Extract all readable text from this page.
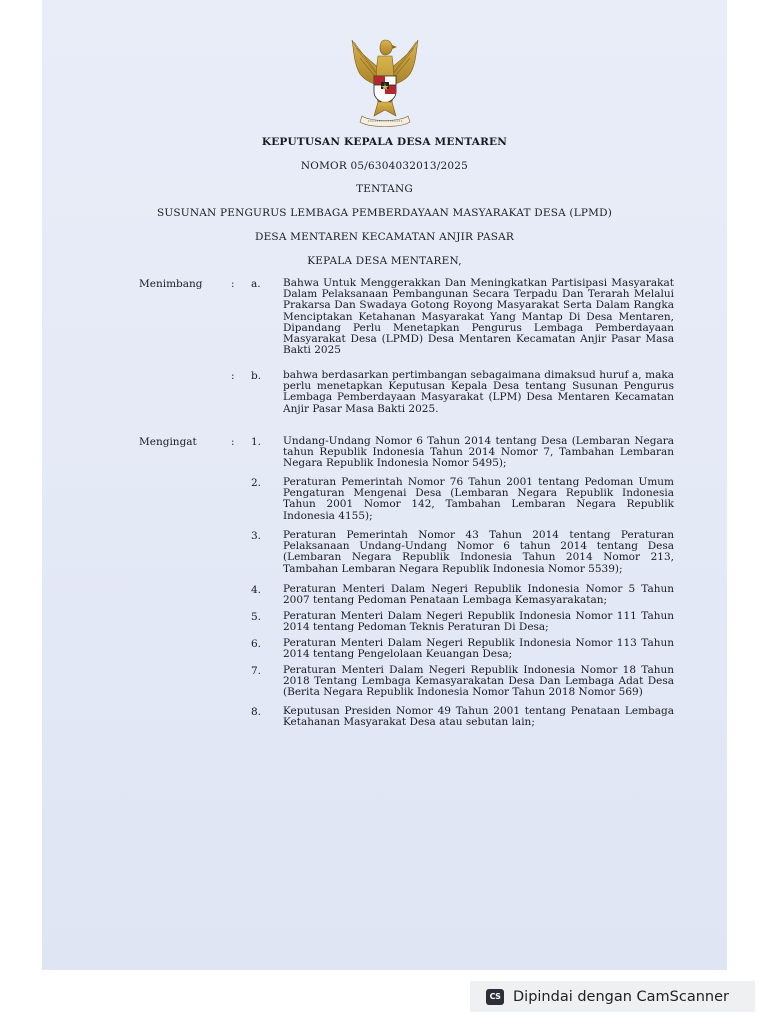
KEPUTUSAN KEPALA DESA MENTAREN
NOMOR 05/6304032013/2025
TENTANG
SUSUNAN PENGURUS LEMBAGA PEMBERDAYAAN MASYARAKAT DESA (LPMD)
DESA MENTAREN KECAMATAN ANJIR PASAR
KEPALA DESA MENTAREN,
Menimbang	: a. Bahwa Untuk Menggerakkan Dan Meningkatkan Partisipasi Masyarakat Dalam Pelaksanaan Pembangunan Secara Terpadu Dan Terarah Melalui Prakarsa Dan Swadaya Gotong Royong Masyarakat Serta Dalam Rangka Menciptakan Ketahanan Masyarakat Yang Mantap Di Desa Mentaren, Dipandang Perlu Menetapkan Pengurus Lembaga Pemberdayaan Masyarakat Desa (LPMD) Desa Mentaren Kecamatan Anjir Pasar Masa Bakti 2025

: b. bahwa berdasarkan pertimbangan sebagaimana dimaksud huruf a, maka perlu menetapkan Keputusan Kepala Desa tentang Susunan Pengurus Lembaga Pemberdayaan Masyarakat (LPM) Desa Mentaren Kecamatan Anjir Pasar Masa Bakti 2025.

Mengingat	: 1. Undang-Undang Nomor 6 Tahun 2014 tentang Desa (Lembaran Negara tahun Republik Indonesia Tahun 2014 Nomor 7, Tambahan Lembaran Negara Republik Indonesia Nomor 5495);

2. Peraturan Pemerintah Nomor 76 Tahun 2001 tentang Pedoman Umum Pengaturan Mengenai Desa (Lembaran Negara Republik Indonesia Tahun 2001 Nomor 142, Tambahan Lembaran Negara Republik Indonesia 4155);

3. Peraturan Pemerintah Nomor 43 Tahun 2014 tentang Peraturan Pelaksanaan Undang-Undang Nomor 6 tahun 2014 tentang Desa (Lembaran Negara Republik Indonesia Tahun 2014 Nomor 213, Tambahan Lembaran Negara Republik Indonesia Nomor 5539);

4. Peraturan Menteri Dalam Negeri Republik Indonesia Nomor 5 Tahun 2007 tentang Pedoman Penataan Lembaga Kemasyarakatan;

5. Peraturan Menteri Dalam Negeri Republik Indonesia Nomor 111 Tahun 2014 tentang Pedoman Teknis Peraturan Di Desa;

6. Peraturan Menteri Dalam Negeri Republik Indonesia Nomor 113 Tahun 2014 tentang Pengelolaan Keuangan Desa;

7. Peraturan Menteri Dalam Negeri Republik Indonesia Nomor 18 Tahun 2018 Tentang Lembaga Kemasyarakatan Desa Dan Lembaga Adat Desa (Berita Negara Republik Indonesia Nomor Tahun 2018 Nomor 569)

8. Keputusan Presiden Nomor 49 Tahun 2001 tentang Penataan Lembaga Ketahanan Masyarakat Desa atau sebutan lain;

CS Dipindai dengan CamScanner
